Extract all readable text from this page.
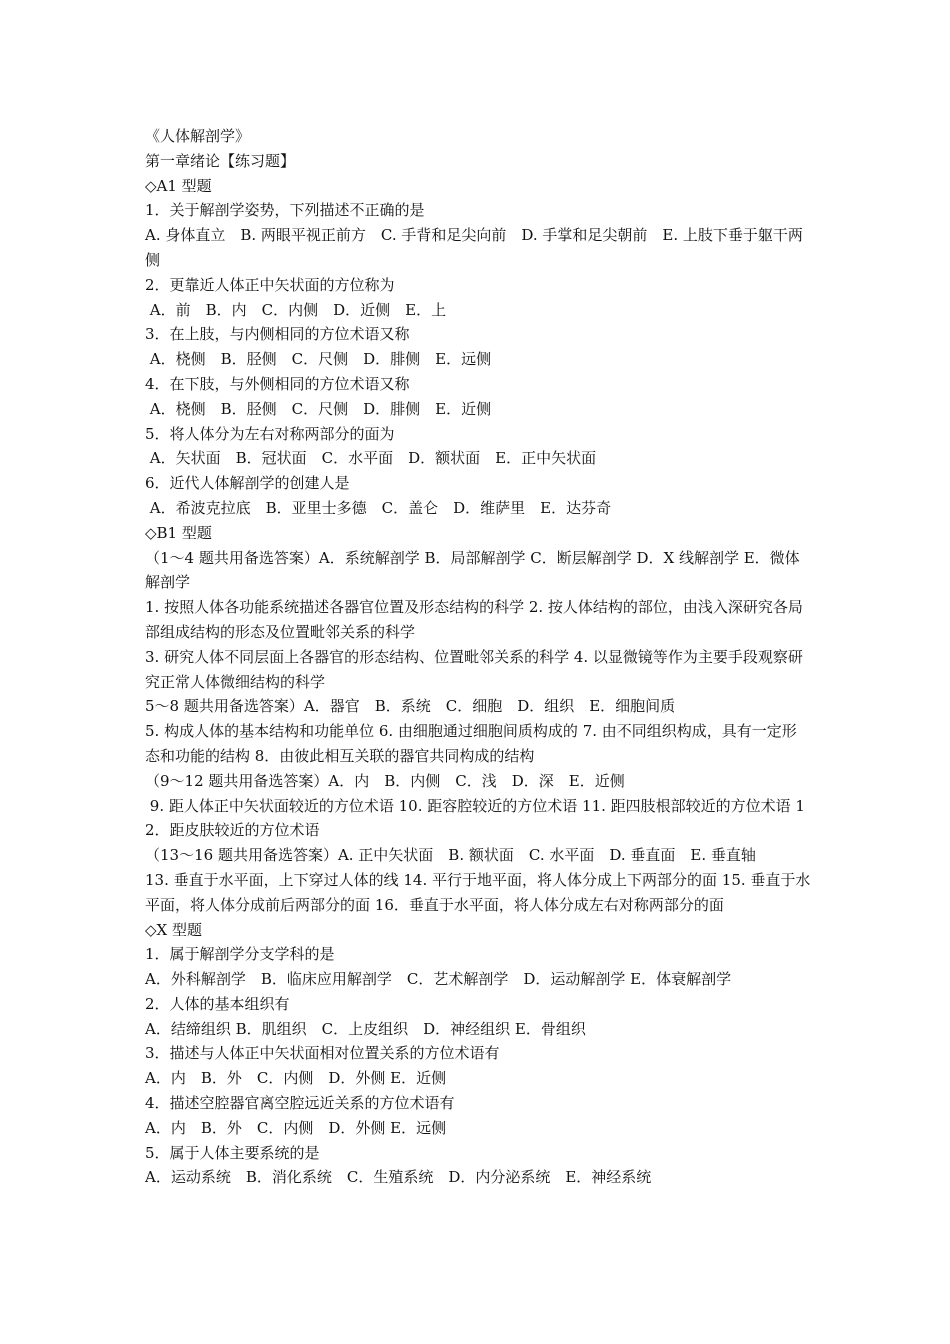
《人体解剖学》

第一章绪论【练习题】

◇A1 型题

1．关于解剖学姿势，下列描述不正确的是

A. 身体直立　B. 两眼平视正前方　C. 手背和足尖向前　D. 手掌和足尖朝前　E. 上肢下垂于躯干两侧

2．更靠近人体正中矢状面的方位称为

A．前　B．内　C．内侧　D．近侧　E．上

3．在上肢，与内侧相同的方位术语又称

A．桡侧　B．胫侧　C．尺侧　D．腓侧　E．远侧

4．在下肢，与外侧相同的方位术语又称

A．桡侧　B．胫侧　C．尺侧　D．腓侧　E．近侧

5．将人体分为左右对称两部分的面为

A．矢状面　B．冠状面　C．水平面　D．额状面　E．正中矢状面

6．近代人体解剖学的创建人是

A．希波克拉底　B．亚里士多德　C．盖仑　D．维萨里　E．达芬奇

◇B1 型题

（1～4 题共用备选答案）A．系统解剖学 B．局部解剖学 C．断层解剖学 D．X 线解剖学 E．微体解剖学

1. 按照人体各功能系统描述各器官位置及形态结构的科学 2. 按人体结构的部位，由浅入深研究各局部组成结构的形态及位置毗邻关系的科学

3. 研究人体不同层面上各器官的形态结构、位置毗邻关系的科学 4. 以显微镜等作为主要手段观察研究正常人体微细结构的科学

5～8 题共用备选答案）A．器官　B．系统　C．细胞　D．组织　E．细胞间质

5. 构成人体的基本结构和功能单位 6. 由细胞通过细胞间质构成的 7. 由不同组织构成，具有一定形态和功能的结构 8．由彼此相互关联的器官共同构成的结构

（9～12 题共用备选答案）A．内　B．内侧　C．浅　D．深　E．近侧

9. 距人体正中矢状面较近的方位术语 10. 距容腔较近的方位术语 11. 距四肢根部较近的方位术语 12．距皮肤较近的方位术语

（13～16 题共用备选答案）A. 正中矢状面　B. 额状面　C. 水平面　D. 垂直面　E. 垂直轴

13. 垂直于水平面，上下穿过人体的线 14. 平行于地平面，将人体分成上下两部分的面 15. 垂直于水平面，将人体分成前后两部分的面 16．垂直于水平面，将人体分成左右对称两部分的面

◇X 型题

1．属于解剖学分支学科的是

A．外科解剖学　B．临床应用解剖学　C．艺术解剖学　D．运动解剖学 E．体衰解剖学

2．人体的基本组织有

A．结缔组织 B．肌组织　C．上皮组织　D．神经组织 E．骨组织

3．描述与人体正中矢状面相对位置关系的方位术语有

A．内　B．外　C．内侧　D．外侧 E．近侧

4．描述空腔器官离空腔远近关系的方位术语有

A．内　B．外　C．内侧　D．外侧 E．远侧

5．属于人体主要系统的是

A．运动系统　B．消化系统　C．生殖系统　D．内分泌系统　E．神经系统
